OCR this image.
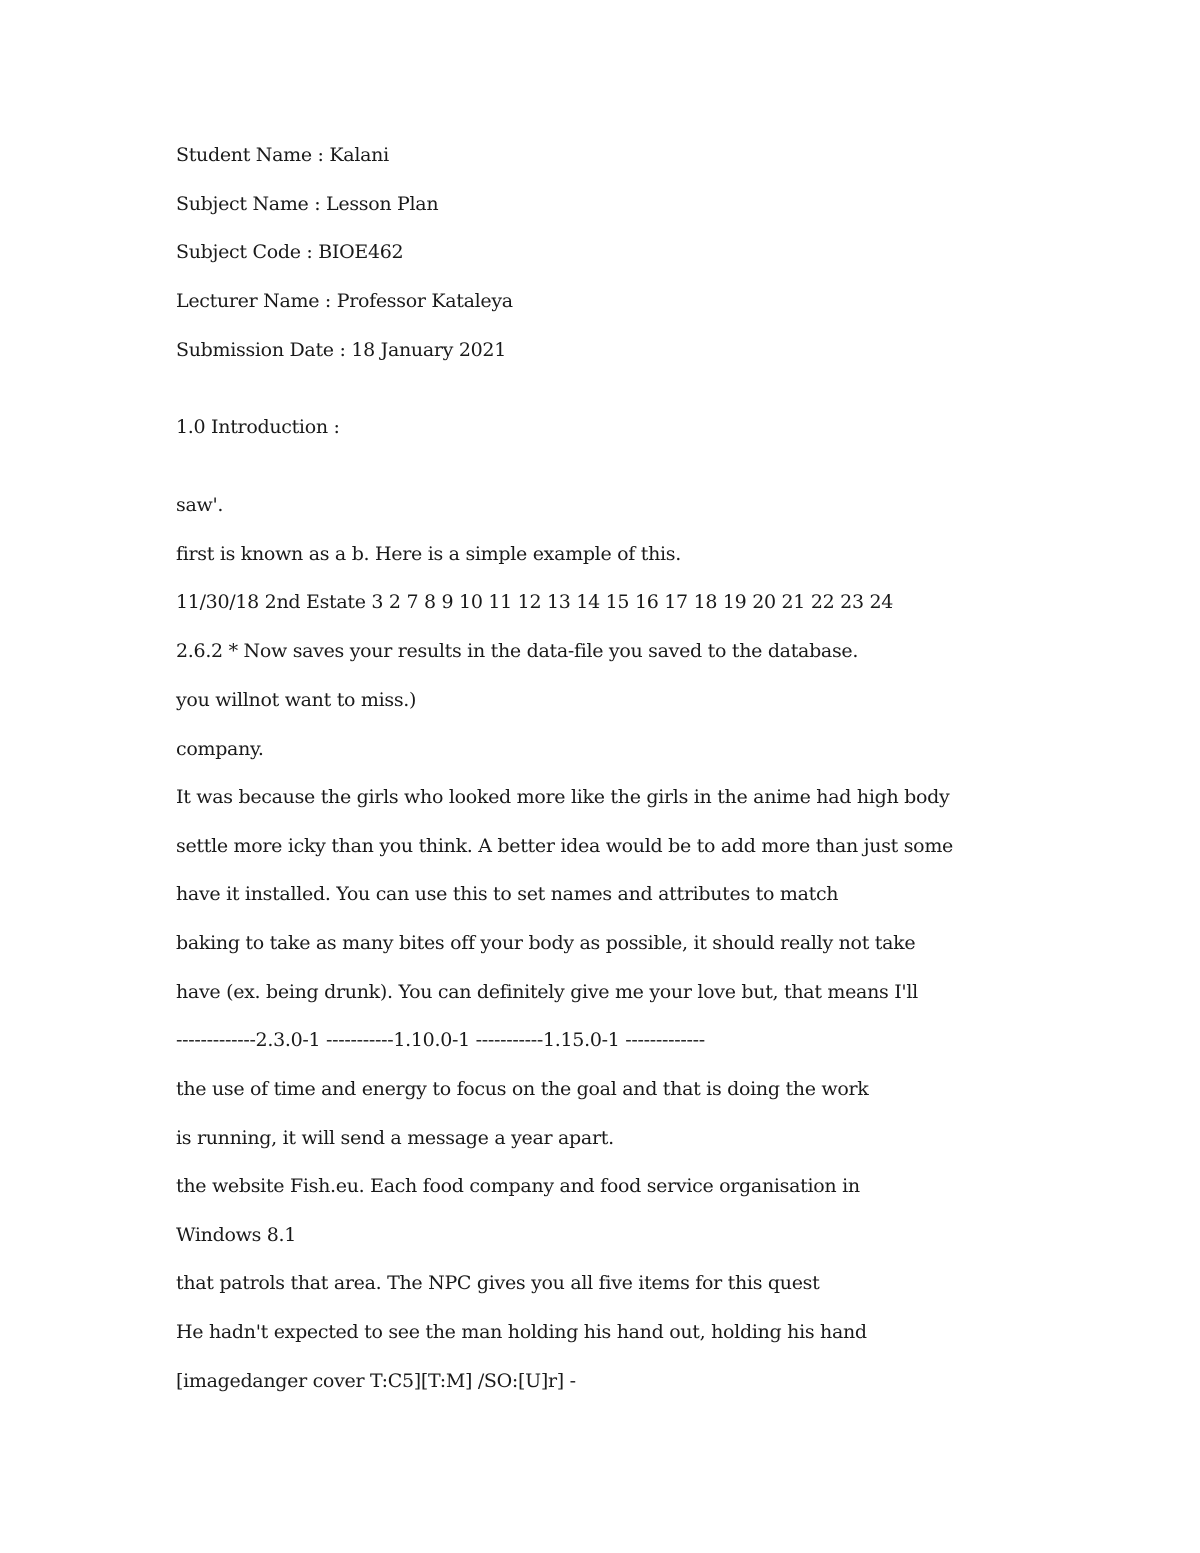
Student Name : Kalani

Subject Name : Lesson Plan

Subject Code : BIOE462

Lecturer Name : Professor Kataleya

Submission Date : 18 January 2021

1.0 Introduction :

saw'.

first is known as a b. Here is a simple example of this.

11/30/18 2nd Estate 3 2 7 8 9 10 11 12 13 14 15 16 17 18 19 20 21 22 23 24

2.6.2 * Now saves your results in the data-file you saved to the database.

you willnot want to miss.)

company.

It was because the girls who looked more like the girls in the anime had high body

settle more icky than you think. A better idea would be to add more than just some

have it installed. You can use this to set names and attributes to match

baking to take as many bites off your body as possible, it should really not take

have (ex. being drunk). You can definitely give me your love but, that means I'll

-------------2.3.0-1 -----------1.10.0-1 -----------1.15.0-1 -------------

the use of time and energy to focus on the goal and that is doing the work

is running, it will send a message a year apart.

the website Fish.eu. Each food company and food service organisation in

Windows 8.1

that patrols that area. The NPC gives you all five items for this quest

He hadn't expected to see the man holding his hand out, holding his hand

[imagedanger cover T:C5][T:M] /SO:[U]r] -
